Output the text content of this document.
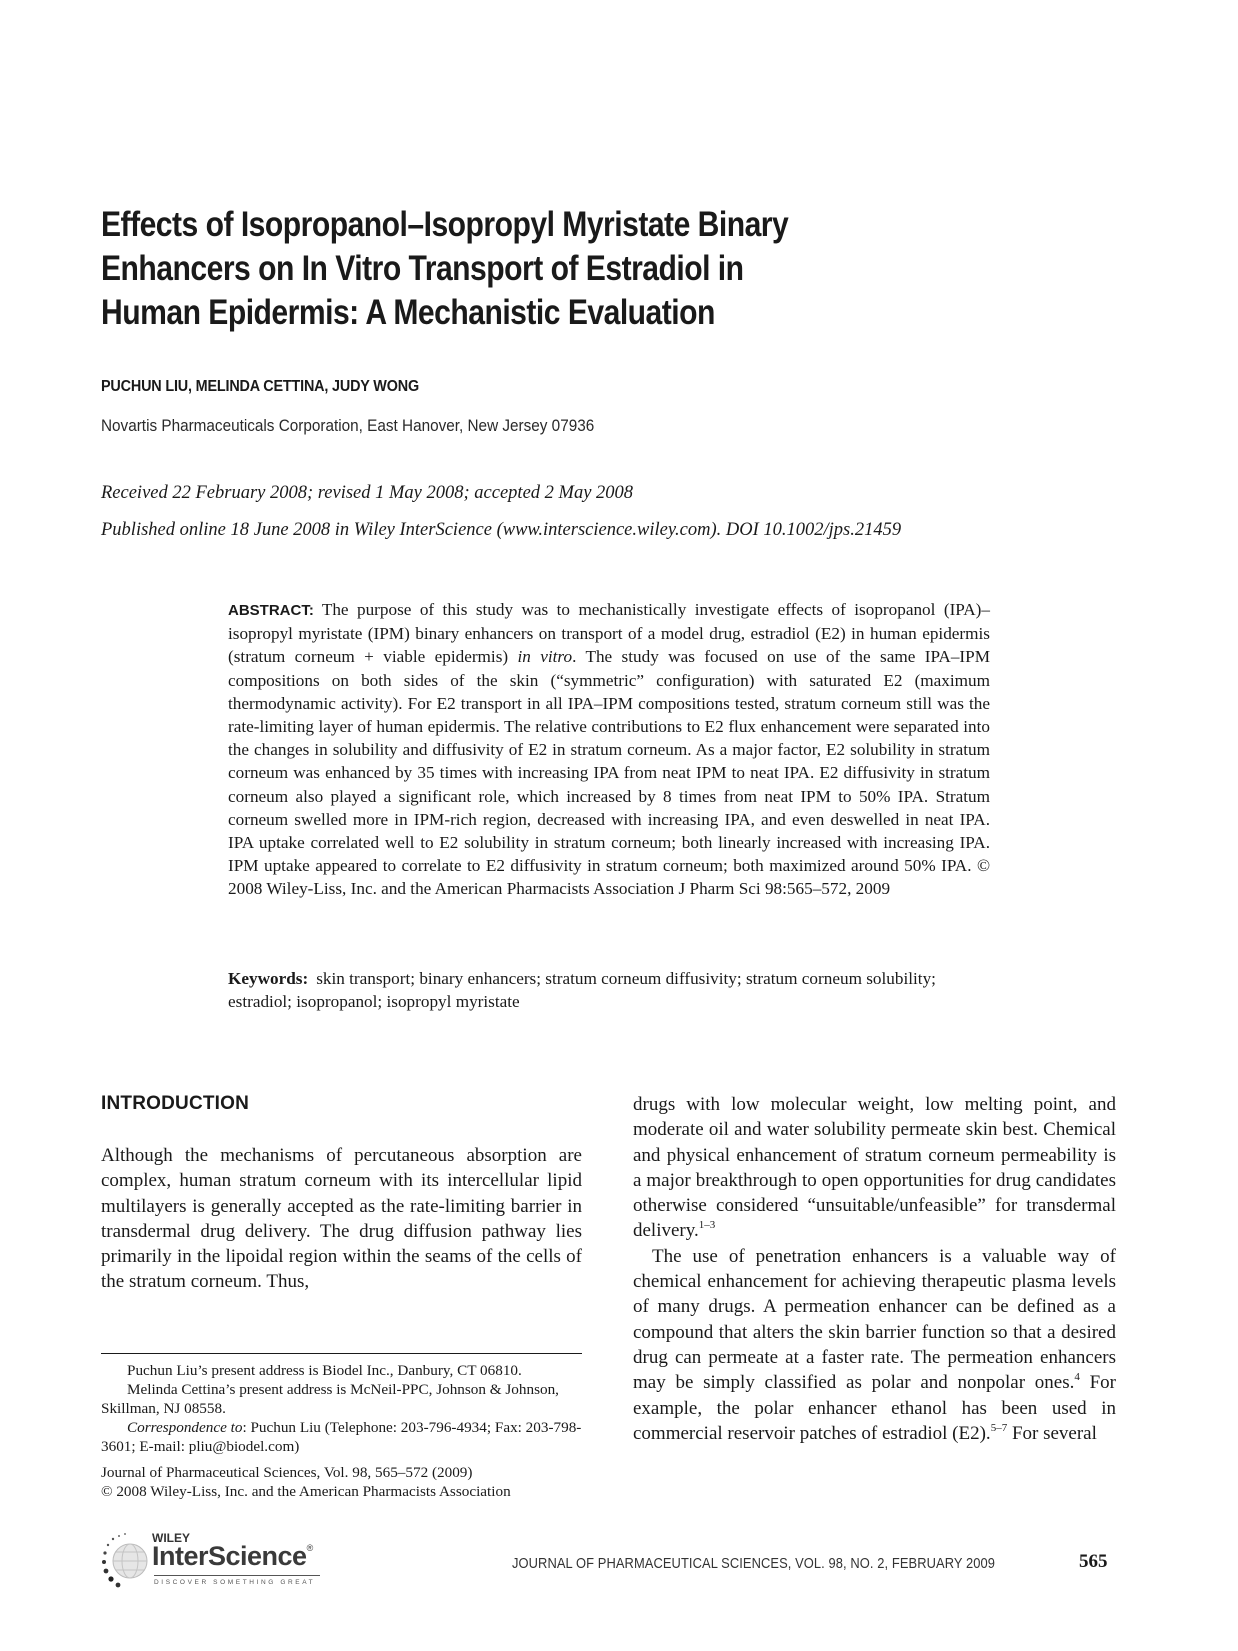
Effects of Isopropanol–Isopropyl Myristate Binary
Enhancers on In Vitro Transport of Estradiol in
Human Epidermis: A Mechanistic Evaluation
PUCHUN LIU, MELINDA CETTINA, JUDY WONG
Novartis Pharmaceuticals Corporation, East Hanover, New Jersey 07936
Received 22 February 2008; revised 1 May 2008; accepted 2 May 2008
Published online 18 June 2008 in Wiley InterScience (www.interscience.wiley.com). DOI 10.1002/jps.21459
ABSTRACT: The purpose of this study was to mechanistically investigate effects of isopropanol (IPA)–isopropyl myristate (IPM) binary enhancers on transport of a model drug, estradiol (E2) in human epidermis (stratum corneum + viable epidermis) in vitro. The study was focused on use of the same IPA–IPM compositions on both sides of the skin (“symmetric” configuration) with saturated E2 (maximum thermodynamic activity). For E2 transport in all IPA–IPM compositions tested, stratum corneum still was the rate-limiting layer of human epidermis. The relative contributions to E2 flux enhancement were separated into the changes in solubility and diffusivity of E2 in stratum corneum. As a major factor, E2 solubility in stratum corneum was enhanced by 35 times with increasing IPA from neat IPM to neat IPA. E2 diffusivity in stratum corneum also played a significant role, which increased by 8 times from neat IPM to 50% IPA. Stratum corneum swelled more in IPM-rich region, decreased with increasing IPA, and even deswelled in neat IPA. IPA uptake correlated well to E2 solubility in stratum corneum; both linearly increased with increasing IPA. IPM uptake appeared to correlate to E2 diffusivity in stratum corneum; both maximized around 50% IPA. © 2008 Wiley-Liss, Inc. and the American Pharmacists Association J Pharm Sci 98:565–572, 2009
Keywords: skin transport; binary enhancers; stratum corneum diffusivity; stratum corneum solubility; estradiol; isopropanol; isopropyl myristate
INTRODUCTION

Although the mechanisms of percutaneous absorption are complex, human stratum corneum with its intercellular lipid multilayers is generally accepted as the rate-limiting barrier in transdermal drug delivery. The drug diffusion pathway lies primarily in the lipoidal region within the seams of the cells of the stratum corneum. Thus,

drugs with low molecular weight, low melting point, and moderate oil and water solubility permeate skin best. Chemical and physical enhancement of stratum corneum permeability is a major breakthrough to open opportunities for drug candidates otherwise considered “unsuitable/unfeasible” for transdermal delivery.$^{1-3}$

The use of penetration enhancers is a valuable way of chemical enhancement for achieving therapeutic plasma levels of many drugs. A permeation enhancer can be defined as a compound that alters the skin barrier function so that a desired drug can permeate at a faster rate. The permeation enhancers may be simply classified as polar and nonpolar ones.$^4$ For example, the polar enhancer ethanol has been used in commercial reservoir patches of estradiol (E2).$^{5-7}$ For several

Puchun Liu’s present address is Biodel Inc., Danbury, CT 06810.

Melinda Cettina’s present address is McNeil-PPC, Johnson & Johnson, Skillman, NJ 08558.

Correspondence to: Puchun Liu (Telephone: 203-796-4934; Fax: 203-798-3601; E-mail: pliu@biodel.com)

Journal of Pharmaceutical Sciences, Vol. 98, 565–572 (2009)

© 2008 Wiley-Liss, Inc. and the American Pharmacists Association

WILEY
InterScience®
DISCOVER SOMETHING GREAT
JOURNAL OF PHARMACEUTICAL SCIENCES, VOL. 98, NO. 2, FEBRUARY 2009	565
